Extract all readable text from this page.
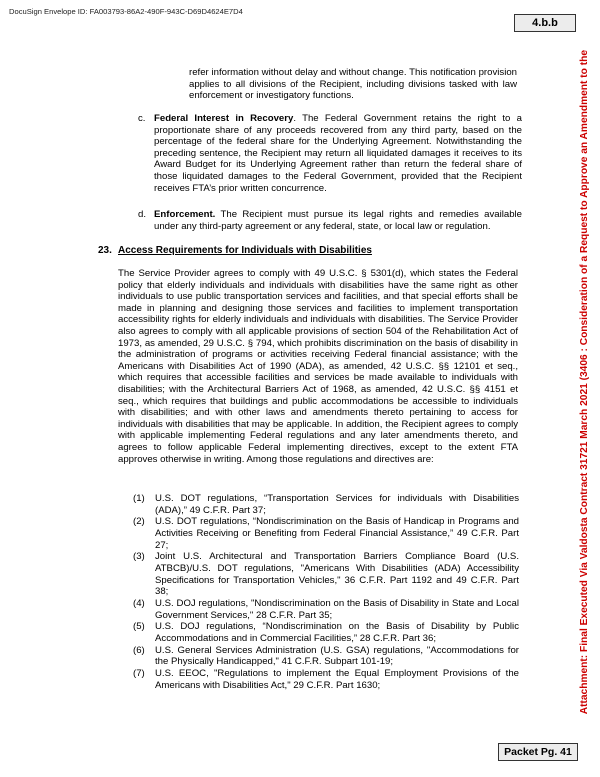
DocuSign Envelope ID: FA003793-86A2-490F-943C-D69D4624E7D4
4.b.b
Attachment: Final Executed Via Valdosta Contract 31721 March 2021 (3406 : Consideration of a Request to Approve an Amendment to the
refer information without delay and without change. This notification provision applies to all divisions of the Recipient, including divisions tasked with law enforcement or investigatory functions.
c. Federal Interest in Recovery. The Federal Government retains the right to a proportionate share of any proceeds recovered from any third party, based on the percentage of the federal share for the Underlying Agreement. Notwithstanding the preceding sentence, the Recipient may return all liquidated damages it receives to its Award Budget for its Underlying Agreement rather than return the federal share of those liquidated damages to the Federal Government, provided that the Recipient receives FTA’s prior written concurrence.
d. Enforcement. The Recipient must pursue its legal rights and remedies available under any third-party agreement or any federal, state, or local law or regulation.
23. Access Requirements for Individuals with Disabilities
The Service Provider agrees to comply with 49 U.S.C. § 5301(d), which states the Federal policy that elderly individuals and individuals with disabilities have the same right as other individuals to use public transportation services and facilities, and that special efforts shall be made in planning and designing those services and facilities to implement transportation accessibility rights for elderly individuals and individuals with disabilities. The Service Provider also agrees to comply with all applicable provisions of section 504 of the Rehabilitation Act of 1973, as amended, 29 U.S.C. § 794, which prohibits discrimination on the basis of disability in the administration of programs or activities receiving Federal financial assistance; with the Americans with Disabilities Act of 1990 (ADA), as amended, 42 U.S.C. §§ 12101 et seq., which requires that accessible facilities and services be made available to individuals with disabilities; with the Architectural Barriers Act of 1968, as amended, 42 U.S.C. §§ 4151 et seq., which requires that buildings and public accommodations be accessible to individuals with disabilities; and with other laws and amendments thereto pertaining to access for individuals with disabilities that may be applicable. In addition, the Recipient agrees to comply with applicable implementing Federal regulations and any later amendments thereto, and agrees to follow applicable Federal implementing directives, except to the extent FTA approves otherwise in writing. Among those regulations and directives are:
(1) U.S. DOT regulations, “Transportation Services for individuals with Disabilities (ADA),” 49 C.F.R. Part 37;
(2) U.S. DOT regulations, “Nondiscrimination on the Basis of Handicap in Programs and Activities Receiving or Benefiting from Federal Financial Assistance,” 49 C.F.R. Part 27;
(3) Joint U.S. Architectural and Transportation Barriers Compliance Board (U.S. ATBCB)/U.S. DOT regulations, "Americans With Disabilities (ADA) Accessibility Specifications for Transportation Vehicles," 36 C.F.R. Part 1192 and 49 C.F.R. Part 38;
(4) U.S. DOJ regulations, "Nondiscrimination on the Basis of Disability in State and Local Government Services," 28 C.F.R. Part 35;
(5) U.S. DOJ regulations, “Nondiscrimination on the Basis of Disability by Public Accommodations and in Commercial Facilities,” 28 C.F.R. Part 36;
(6) U.S. General Services Administration (U.S. GSA) regulations, "Accommodations for the Physically Handicapped," 41 C.F.R. Subpart 101-19;
(7) U.S. EEOC, "Regulations to implement the Equal Employment Provisions of the Americans with Disabilities Act," 29 C.F.R. Part 1630;
Packet Pg. 41
